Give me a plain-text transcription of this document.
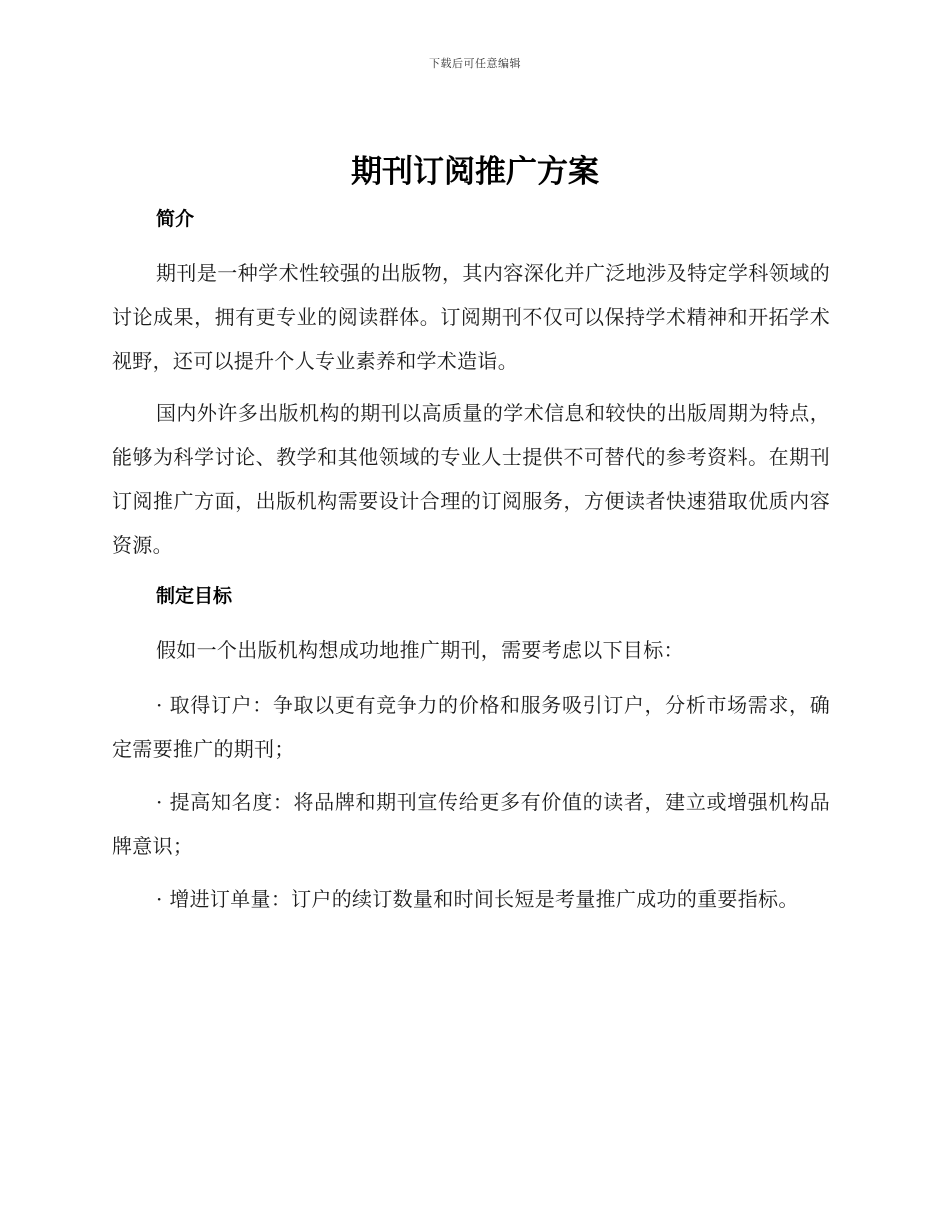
下载后可任意编辑
期刊订阅推广方案
简介

期刊是一种学术性较强的出版物，其内容深化并广泛地涉及特定学科领域的讨论成果，拥有更专业的阅读群体。订阅期刊不仅可以保持学术精神和开拓学术视野，还可以提升个人专业素养和学术造诣。

国内外许多出版机构的期刊以高质量的学术信息和较快的出版周期为特点，能够为科学讨论、教学和其他领域的专业人士提供不可替代的参考资料。在期刊订阅推广方面，出版机构需要设计合理的订阅服务，方便读者快速猎取优质内容资源。

制定目标

假如一个出版机构想成功地推广期刊，需要考虑以下目标：

· 取得订户：争取以更有竞争力的价格和服务吸引订户，分析市场需求，确定需要推广的期刊；

· 提高知名度：将品牌和期刊宣传给更多有价值的读者，建立或增强机构品牌意识；

· 增进订单量：订户的续订数量和时间长短是考量推广成功的重要指标。
